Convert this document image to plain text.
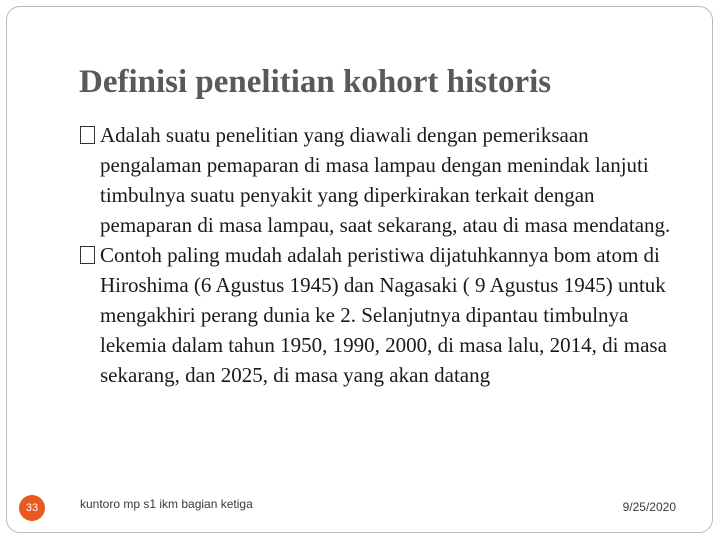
Definisi penelitian kohort historis
Adalah suatu penelitian yang diawali dengan pemeriksaan pengalaman pemaparan di masa lampau dengan menindak lanjuti timbulnya suatu penyakit yang diperkirakan terkait dengan pemaparan di masa lampau, saat sekarang, atau di masa mendatang.
Contoh paling mudah adalah peristiwa dijatuhkannya bom atom di Hiroshima (6 Agustus 1945) dan Nagasaki ( 9 Agustus 1945) untuk mengakhiri perang dunia ke 2. Selanjutnya dipantau timbulnya lekemia dalam tahun 1950, 1990, 2000, di masa lalu, 2014, di masa sekarang, dan 2025, di masa yang akan datang
33	kuntoro mp s1 ikm bagian ketiga	9/25/2020
